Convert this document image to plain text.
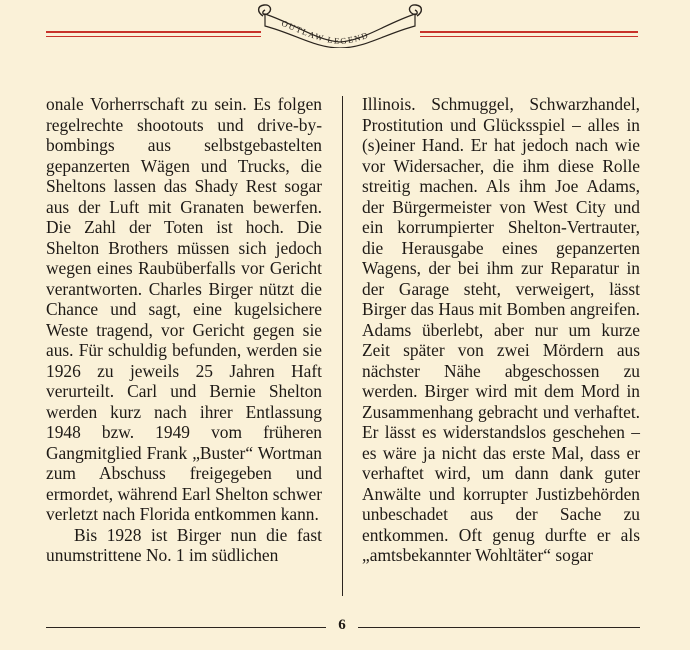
OUTLAW LEGEND

onale Vorherrschaft zu sein. Es folgen regelrechte shootouts und drive-by-bombings aus selbstgebastelten gepanzerten Wägen und Trucks, die Sheltons lassen das Shady Rest sogar aus der Luft mit Granaten bewerfen. Die Zahl der Toten ist hoch. Die Shelton Brothers müssen sich jedoch wegen eines Raubüberfalls vor Gericht verantworten. Charles Birger nützt die Chance und sagt, eine kugelsichere Weste tragend, vor Gericht gegen sie aus. Für schuldig befunden, werden sie 1926 zu jeweils 25 Jahren Haft verurteilt. Carl und Bernie Shelton werden kurz nach ihrer Entlassung 1948 bzw. 1949 vom früheren Gangmitglied Frank „Buster“ Wortman zum Abschuss freigegeben und ermordet, während Earl Shelton schwer verletzt nach Florida entkommen kann.

Bis 1928 ist Birger nun die fast unumstrittene No. 1 im südlichen

Illinois. Schmuggel, Schwarzhandel, Prostitution und Glücksspiel – alles in (s)einer Hand. Er hat jedoch nach wie vor Widersacher, die ihm diese Rolle streitig machen. Als ihm Joe Adams, der Bürgermeister von West City und ein korrumpierter Shelton-Vertrauter, die Herausgabe eines gepanzerten Wagens, der bei ihm zur Reparatur in der Garage steht, verweigert, lässt Birger das Haus mit Bomben angreifen. Adams überlebt, aber nur um kurze Zeit später von zwei Mördern aus nächster Nähe abgeschossen zu werden. Birger wird mit dem Mord in Zusammenhang gebracht und verhaftet. Er lässt es widerstandslos geschehen – es wäre ja nicht das erste Mal, dass er verhaftet wird, um dann dank guter Anwälte und korrupter Justizbehörden unbeschadet aus der Sache zu entkommen. Oft genug durfte er als „amtsbekannter Wohltäter“ sogar

6
